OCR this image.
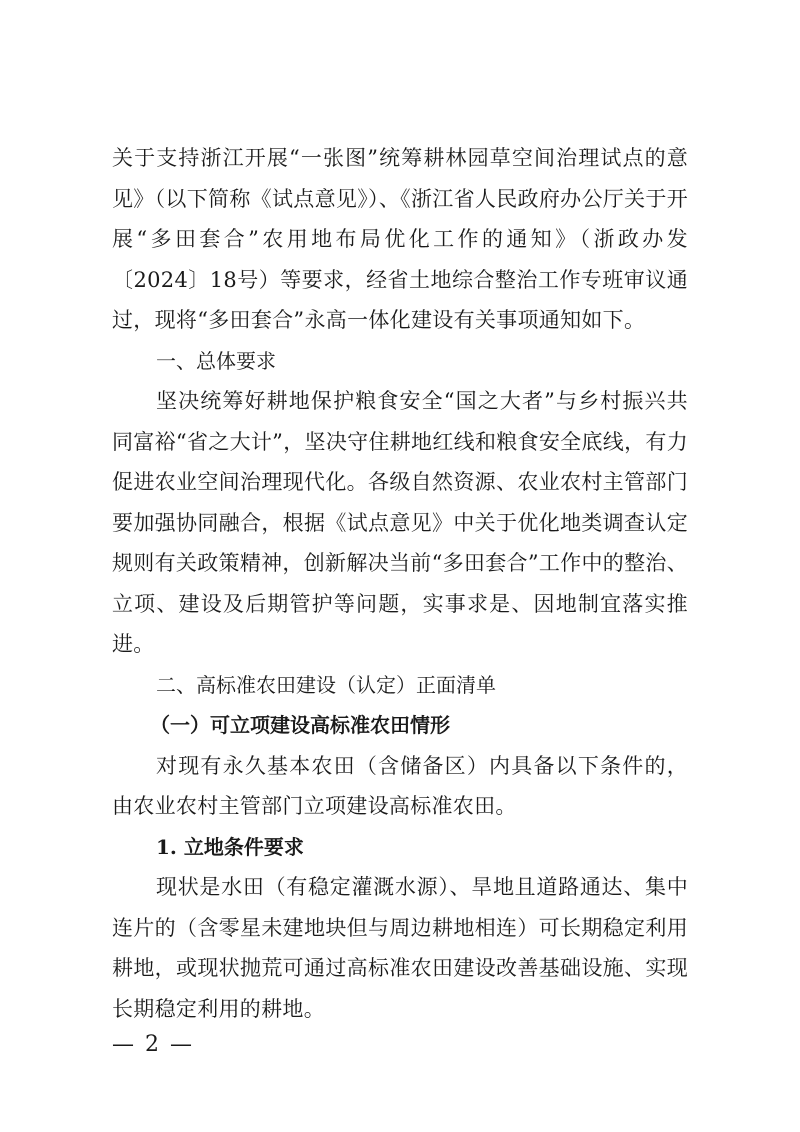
关于支持浙江开展“一张图”统筹耕林园草空间治理试点的意见》（以下简称《试点意见》）、《浙江省人民政府办公厅关于开展“多田套合”农用地布局优化工作的通知》（浙政办发〔2024〕18号）等要求，经省土地综合整治工作专班审议通过，现将“多田套合”永高一体化建设有关事项通知如下。

一、总体要求

坚决统筹好耕地保护粮食安全“国之大者”与乡村振兴共同富裕“省之大计”，坚决守住耕地红线和粮食安全底线，有力促进农业空间治理现代化。各级自然资源、农业农村主管部门要加强协同融合，根据《试点意见》中关于优化地类调查认定规则有关政策精神，创新解决当前“多田套合”工作中的整治、立项、建设及后期管护等问题，实事求是、因地制宜落实推进。

二、高标准农田建设（认定）正面清单

（一）可立项建设高标准农田情形

对现有永久基本农田（含储备区）内具备以下条件的，由农业农村主管部门立项建设高标准农田。

1. 立地条件要求

现状是水田（有稳定灌溉水源）、旱地且道路通达、集中连片的（含零星未建地块但与周边耕地相连）可长期稳定利用耕地，或现状抛荒可通过高标准农田建设改善基础设施、实现长期稳定利用的耕地。

— 2 —
